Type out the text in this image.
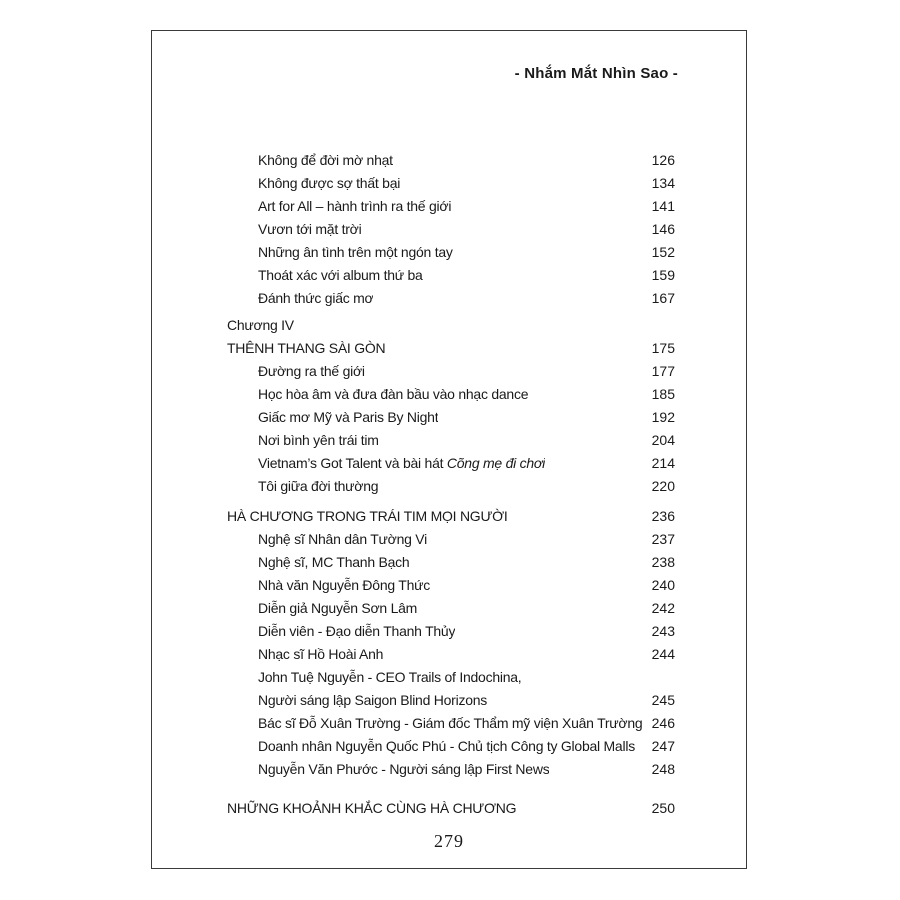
- Nhắm Mắt Nhìn Sao -
Không để đời mờ nhạt	126
Không được sợ thất bại	134
Art for All – hành trình ra thế giới	141
Vươn tới mặt trời	146
Những ân tình trên một ngón tay	152
Thoát xác với album thứ ba	159
Đánh thức giấc mơ	167
Chương IV
THÊNH THANG SÀI GÒN	175
Đường ra thế giới	177
Học hòa âm và đưa đàn bầu vào nhạc dance	185
Giấc mơ Mỹ và Paris By Night	192
Nơi bình yên trái tim	204
Vietnam’s Got Talent và bài hát Cõng mẹ đi chơi	214
Tôi giữa đời thường	220
HÀ CHƯƠNG TRONG TRÁI TIM MỌI NGƯỜI	236
Nghệ sĩ Nhân dân Tường Vi	237
Nghệ sĩ, MC Thanh Bạch	238
Nhà văn Nguyễn Đông Thức	240
Diễn giả Nguyễn Sơn Lâm	242
Diễn viên - Đạo diễn Thanh Thủy	243
Nhạc sĩ Hồ Hoài Anh	244
John Tuệ Nguyễn - CEO Trails of Indochina,
Người sáng lập Saigon Blind Horizons	245
Bác sĩ Đỗ Xuân Trường - Giám đốc Thẩm mỹ viện Xuân Trường 246
Doanh nhân Nguyễn Quốc Phú - Chủ tịch Công ty Global Malls	247
Nguyễn Văn Phước - Người sáng lập First News	248
NHỮNG KHOẢNH KHẮC CÙNG HÀ CHƯƠNG	250
279
